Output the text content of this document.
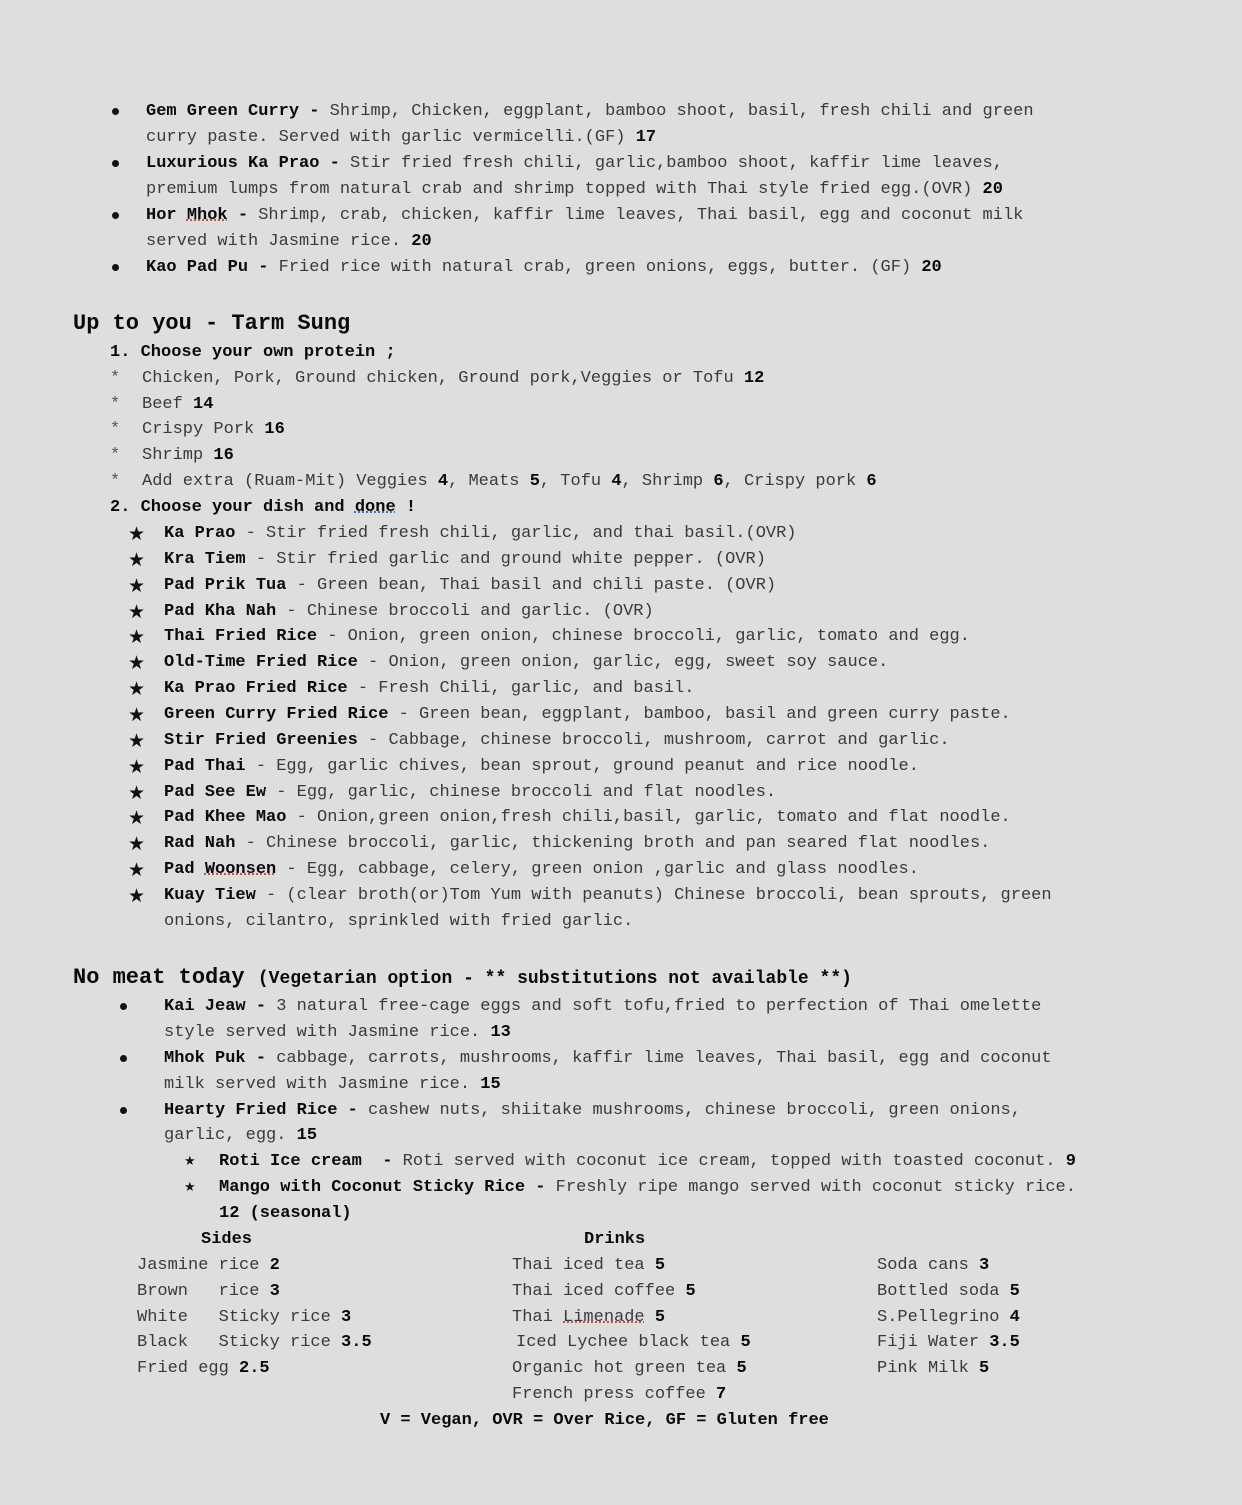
Gem Green Curry - Shrimp, Chicken, eggplant, bamboo shoot, basil, fresh chili and green
curry paste. Served with garlic vermicelli.(GF) 17
Luxurious Ka Prao - Stir fried fresh chili, garlic,bamboo shoot, kaffir lime leaves,
premium lumps from natural crab and shrimp topped with Thai style fried egg.(OVR) 20
Hor Mhok - Shrimp, crab, chicken, kaffir lime leaves, Thai basil, egg and coconut milk
served with Jasmine rice. 20
Kao Pad Pu - Fried rice with natural crab, green onions, eggs, butter. (GF) 20
Up to you - Tarm Sung
1. Choose your own protein ;
* Chicken, Pork, Ground chicken, Ground pork,Veggies or Tofu 12
* Beef 14
* Crispy Pork 16
* Shrimp 16
* Add extra (Ruam-Mit) Veggies 4, Meats 5, Tofu 4, Shrimp 6, Crispy pork 6
2. Choose your dish and done !
★ Ka Prao - Stir fried fresh chili, garlic, and thai basil.(OVR)
★ Kra Tiem - Stir fried garlic and ground white pepper. (OVR)
★ Pad Prik Tua - Green bean, Thai basil and chili paste. (OVR)
★ Pad Kha Nah - Chinese broccoli and garlic. (OVR)
★ Thai Fried Rice - Onion, green onion, chinese broccoli, garlic, tomato and egg.
★ Old-Time Fried Rice - Onion, green onion, garlic, egg, sweet soy sauce.
★ Ka Prao Fried Rice - Fresh Chili, garlic, and basil.
★ Green Curry Fried Rice - Green bean, eggplant, bamboo, basil and green curry paste.
★ Stir Fried Greenies - Cabbage, chinese broccoli, mushroom, carrot and garlic.
★ Pad Thai - Egg, garlic chives, bean sprout, ground peanut and rice noodle.
★ Pad See Ew - Egg, garlic, chinese broccoli and flat noodles.
★ Pad Khee Mao - Onion,green onion,fresh chili,basil, garlic, tomato and flat noodle.
★ Rad Nah - Chinese broccoli, garlic, thickening broth and pan seared flat noodles.
★ Pad Woonsen - Egg, cabbage, celery, green onion ,garlic and glass noodles.
★ Kuay Tiew - (clear broth(or)Tom Yum with peanuts) Chinese broccoli, bean sprouts, green
onions, cilantro, sprinkled with fried garlic.
No meat today (Vegetarian option - ** substitutions not available **)
Kai Jeaw - 3 natural free-cage eggs and soft tofu,fried to perfection of Thai omelette
style served with Jasmine rice. 13
Mhok Puk - cabbage, carrots, mushrooms, kaffir lime leaves, Thai basil, egg and coconut
milk served with Jasmine rice. 15
Hearty Fried Rice - cashew nuts, shiitake mushrooms, chinese broccoli, green onions,
garlic, egg. 15
★ Roti Ice cream  - Roti served with coconut ice cream, topped with toasted coconut. 9
★ Mango with Coconut Sticky Rice - Freshly ripe mango served with coconut sticky rice.
12 (seasonal)
Sides	Drinks
Jasmine rice 2
Brown   rice 3
White   Sticky rice 3
Black   Sticky rice 3.5
Fried egg 2.5
Thai iced tea 5
Thai iced coffee 5
Thai Limenade 5
Iced Lychee black tea 5
Organic hot green tea 5
French press coffee 7
Soda cans 3
Bottled soda 5
S.Pellegrino 4
Fiji Water 3.5
Pink Milk 5
V = Vegan, OVR = Over Rice, GF = Gluten free
